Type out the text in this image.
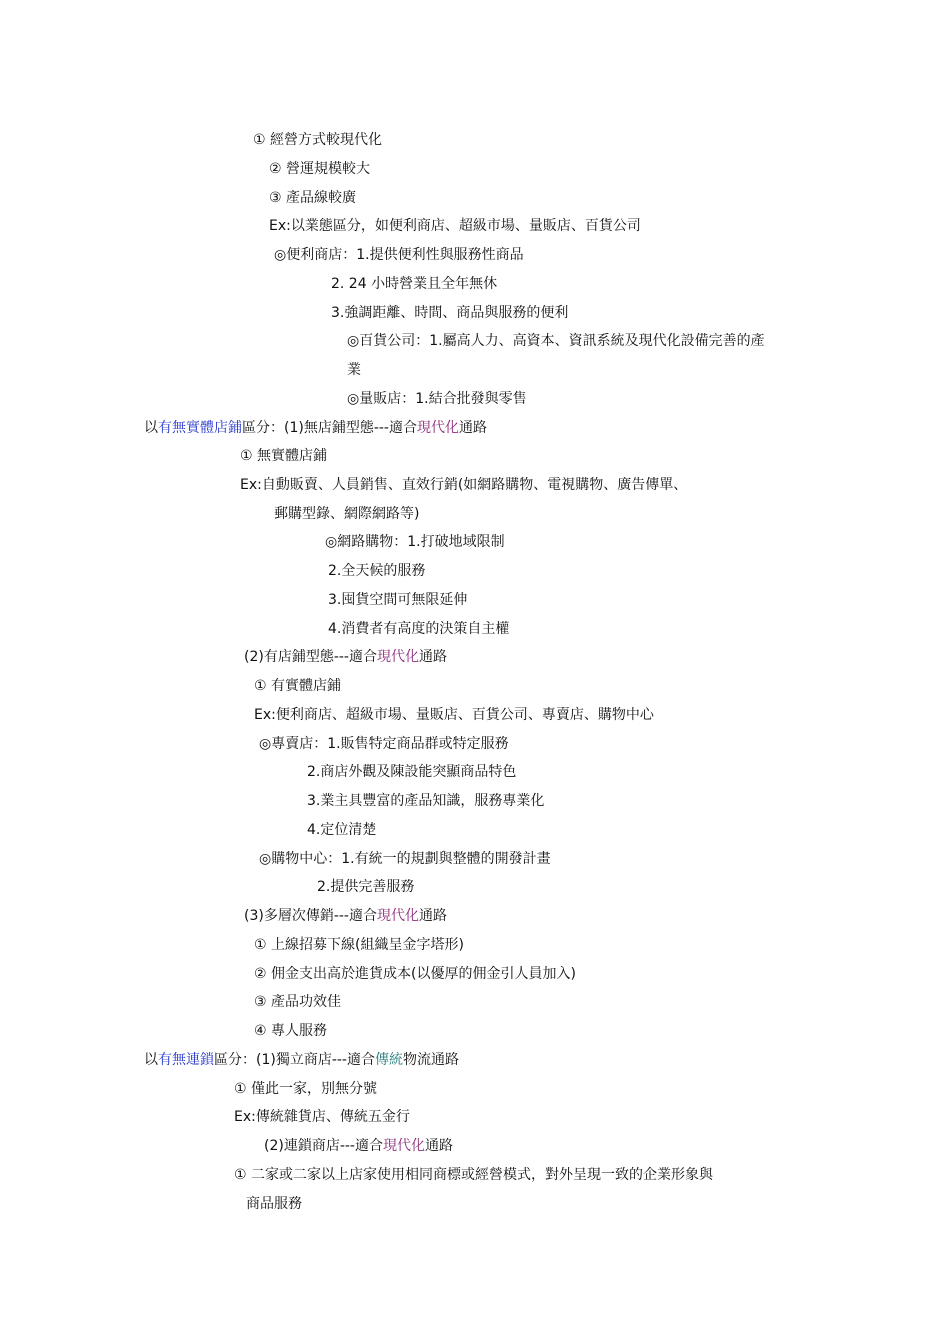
① 經營方式較現代化
② 營運規模較大
③ 產品線較廣
Ex:以業態區分，如便利商店、超級市場、量販店、百貨公司
◎便利商店：1.提供便利性與服務性商品
2. 24 小時營業且全年無休
3.強調距離、時間、商品與服務的便利
◎百貨公司：1.屬高人力、高資本、資訊系統及現代化設備完善的產
業
◎量販店：1.結合批發與零售
以有無實體店鋪區分：(1)無店鋪型態---適合現代化通路
① 無實體店鋪
Ex:自動販賣、人員銷售、直效行銷(如網路購物、電視購物、廣告傳單、
郵購型錄、網際網路等)
◎網路購物：1.打破地域限制
2.全天候的服務
3.囤貨空間可無限延伸
4.消費者有高度的決策自主權
(2)有店鋪型態---適合現代化通路
① 有實體店鋪
Ex:便利商店、超級市場、量販店、百貨公司、專賣店、購物中心
◎專賣店：1.販售特定商品群或特定服務
2.商店外觀及陳設能突顯商品特色
3.業主具豐富的產品知識，服務專業化
4.定位清楚
◎購物中心：1.有統一的規劃與整體的開發計畫
2.提供完善服務
(3)多層次傳銷---適合現代化通路
① 上線招募下線(組織呈金字塔形)
② 佣金支出高於進貨成本(以優厚的佣金引人員加入)
③ 產品功效佳
④ 專人服務
以有無連鎖區分：(1)獨立商店---適合傳統物流通路
① 僅此一家，別無分號
Ex:傳統雜貨店、傳統五金行
(2)連鎖商店---適合現代化通路
① 二家或二家以上店家使用相同商標或經營模式，對外呈現一致的企業形象與
商品服務
